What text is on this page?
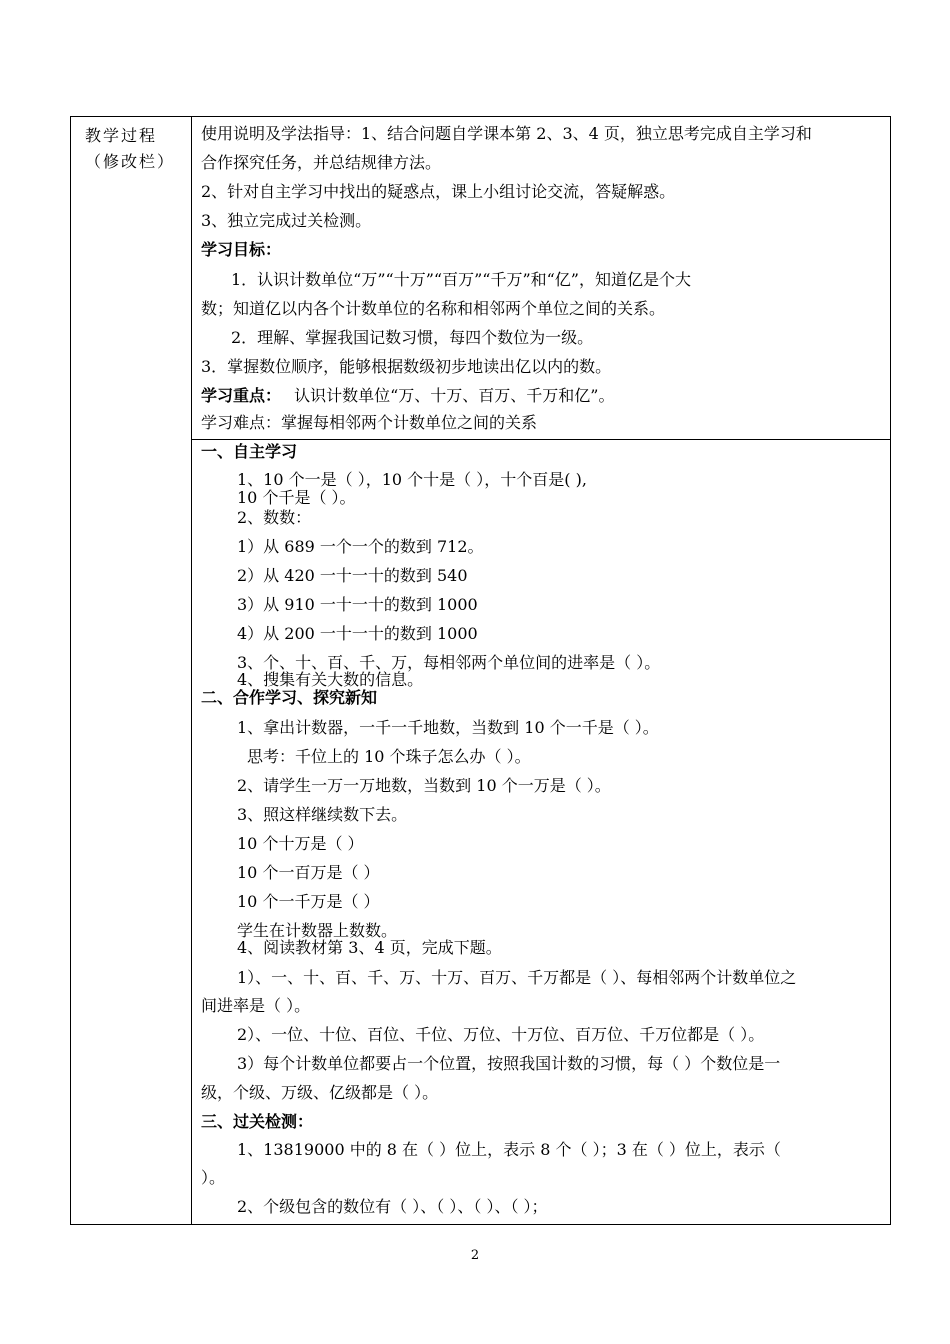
教学过程
（修改栏）
使用说明及学法指导：1、结合问题自学课本第 2、3、4 页，独立思考完成自主学习和
合作探究任务，并总结规律方法。
2、针对自主学习中找出的疑惑点，课上小组讨论交流，答疑解惑。
3、独立完成过关检测。
学习目标：
1．认识计数单位“万”“十万”“百万”“千万”和“亿”，知道亿是个大
数；知道亿以内各个计数单位的名称和相邻两个单位之间的关系。
2．理解、掌握我国记数习惯，每四个数位为一级。
3．掌握数位顺序，能够根据数级初步地读出亿以内的数。
学习重点： 认识计数单位“万、十万、百万、千万和亿”。
学习难点：掌握每相邻两个计数单位之间的关系
一、自主学习
1、10 个一是（ ），10 个十是（ ），十个百是( ),
10 个千是（ ）。
2、数数：
1）从 689 一个一个的数到 712。
2）从 420 一十一十的数到 540
3）从 910 一十一十的数到 1000
4）从 200 一十一十的数到 1000
3、个、十、百、千、万，每相邻两个单位间的进率是（ ）。
4、搜集有关大数的信息。
二、合作学习、探究新知
1、拿出计数器，一千一千地数，当数到 10 个一千是（ ）。
思考：千位上的 10 个珠子怎么办（ ）。
2、请学生一万一万地数，当数到 10 个一万是（ ）。
3、照这样继续数下去。
10 个十万是（ ）
10 个一百万是（ ）
10 个一千万是（ ）
学生在计数器上数数。
4、阅读教材第 3、4 页，完成下题。
1）、一、十、百、千、万、十万、百万、千万都是（ ）、每相邻两个计数单位之
间进率是（ ）。
2）、一位、十位、百位、千位、万位、十万位、百万位、千万位都是（ ）。
3）每个计数单位都要占一个位置，按照我国计数的习惯，每（ ）个数位是一
级，个级、万级、亿级都是（ ）。
三、过关检测：
1、13819000 中的 8 在（ ）位上，表示 8 个（ ）；3 在（ ）位上，表示（
）。
2、个级包含的数位有（ ）、（ ）、（ ）、（ ）；
2
